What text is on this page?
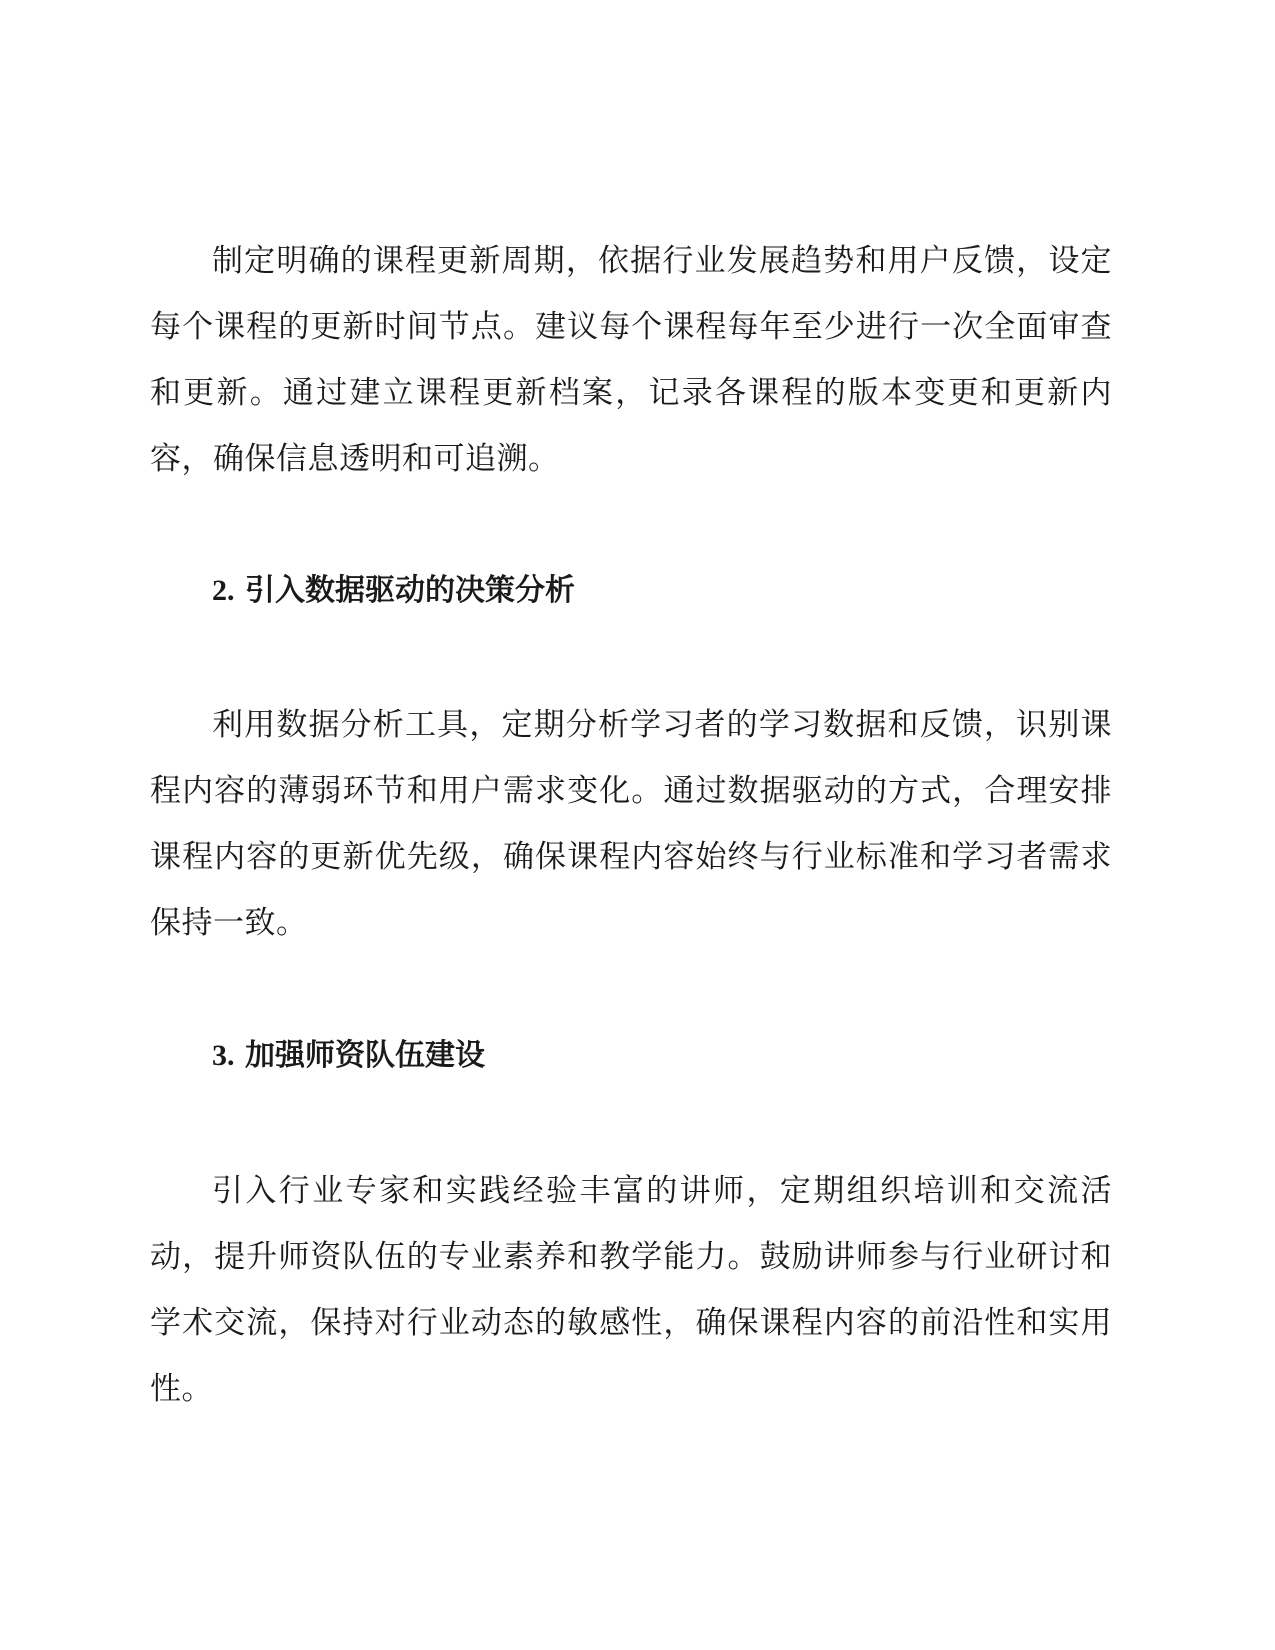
制定明确的课程更新周期，依据行业发展趋势和用户反馈，设定每个课程的更新时间节点。建议每个课程每年至少进行一次全面审查和更新。通过建立课程更新档案，记录各课程的版本变更和更新内容，确保信息透明和可追溯。

2. 引入数据驱动的决策分析

利用数据分析工具，定期分析学习者的学习数据和反馈，识别课程内容的薄弱环节和用户需求变化。通过数据驱动的方式，合理安排课程内容的更新优先级，确保课程内容始终与行业标准和学习者需求保持一致。

3. 加强师资队伍建设

引入行业专家和实践经验丰富的讲师，定期组织培训和交流活动，提升师资队伍的专业素养和教学能力。鼓励讲师参与行业研讨和学术交流，保持对行业动态的敏感性，确保课程内容的前沿性和实用性。
